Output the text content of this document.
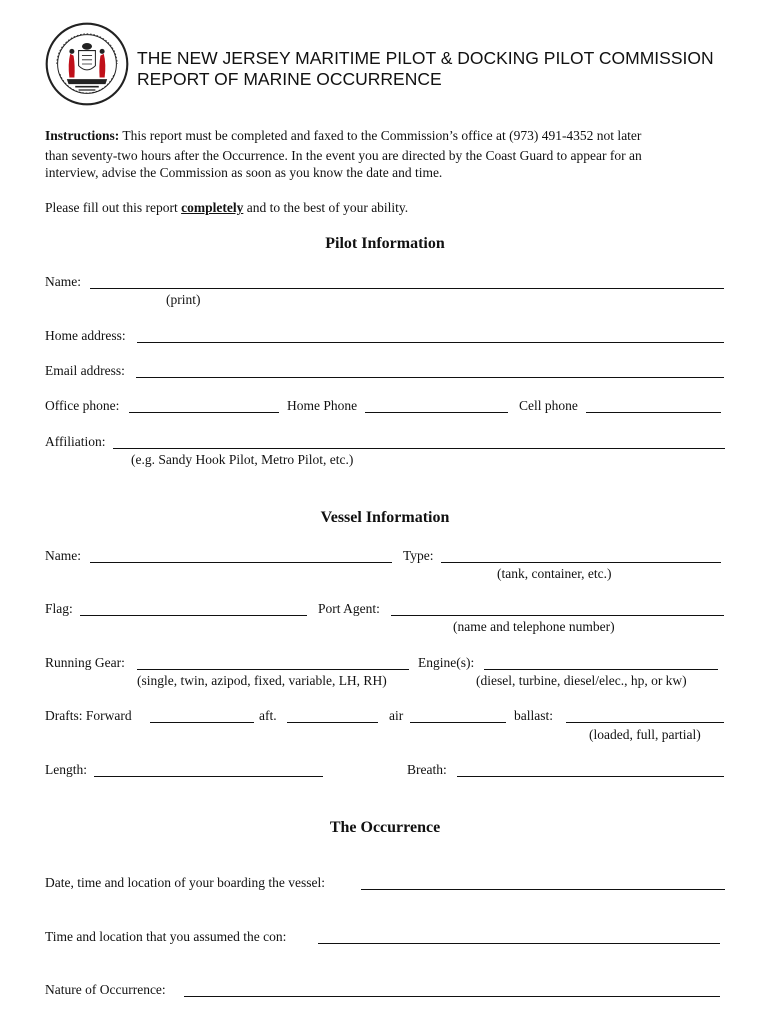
THE NEW JERSEY MARITIME PILOT & DOCKING PILOT COMMISSION
REPORT OF MARINE OCCURRENCE
Instructions: This report must be completed and faxed to the Commission’s office at (973) 491-4352 not later
than seventy-two hours after the Occurrence. In the event you are directed by the Coast Guard to appear for an
interview, advise the Commission as soon as you know the date and time.
Please fill out this report completely and to the best of your ability.
Pilot Information
Name:
(print)
Home address:
Email address:
Office phone:	Home Phone	Cell phone
Affiliation:
(e.g. Sandy Hook Pilot, Metro Pilot, etc.)
Vessel Information
Name:	Type:
(tank, container, etc.)
Flag:	Port Agent:
(name and telephone number)
Running Gear:	Engine(s):
(single, twin, azipod, fixed, variable, LH, RH)	(diesel, turbine, diesel/elec., hp, or kw)
Drafts: Forward	aft.	air	ballast:
(loaded, full, partial)
Length:	Breath:
The Occurrence
Date, time and location of your boarding the vessel:
Time and location that you assumed the con:
Nature of Occurrence:
